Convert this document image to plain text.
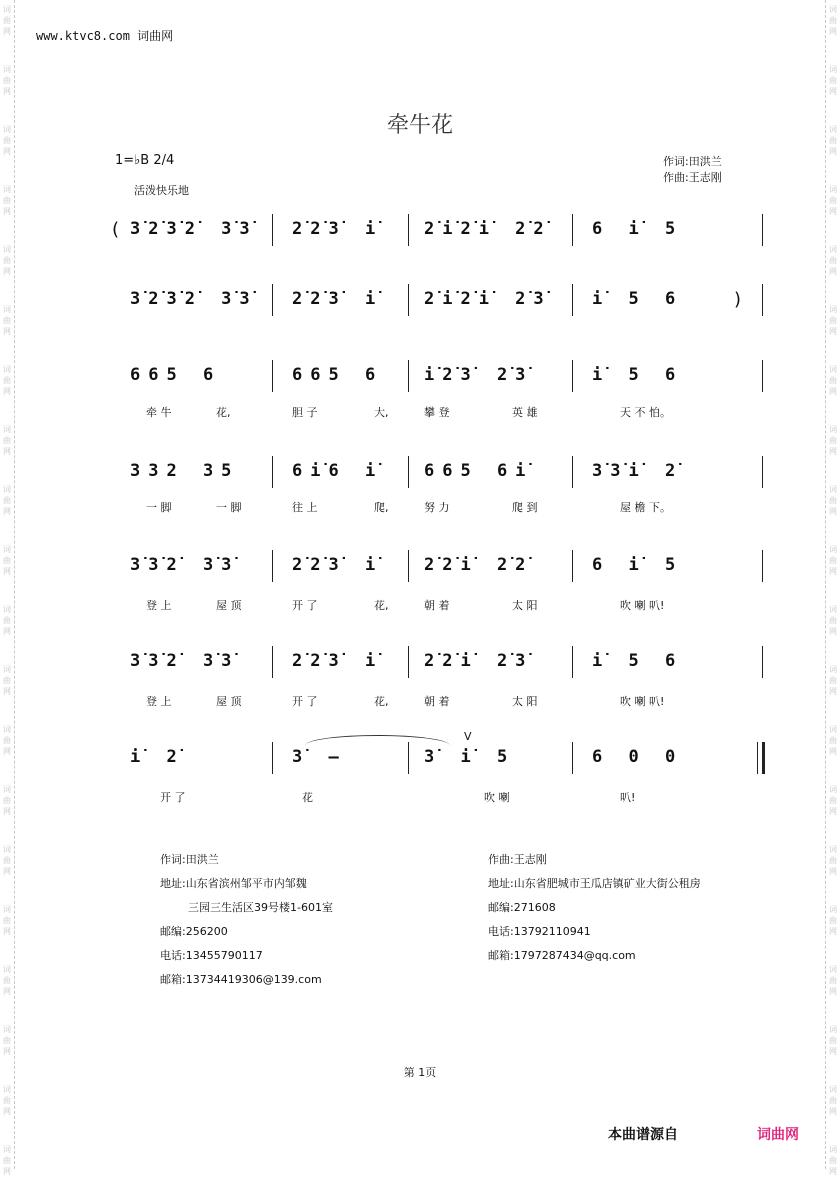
词
曲
网
词
曲
网
词
曲
网
词
曲
网
词
曲
网
词
曲
网
词
曲
网
词
曲
网
词
曲
网
词
曲
网
词
曲
网
词
曲
网
词
曲
网
词
曲
网
词
曲
网
词
曲
网
词
曲
网
词
曲
网
词
曲
网
词
曲
网
词
曲
网
词
曲
网
词
曲
网
词
曲
网
词
曲
网
词
曲
网
词
曲
网
词
曲
网
词
曲
网
词
曲
网
词
曲
网
词
曲
网
词
曲
网
词
曲
网
词
曲
网
词
曲
网
词
曲
网
词
曲
网
词
曲
网
词
曲
网
www.ktvc8.com 词曲网
牵牛花
1=♭B 2/4
活泼快乐地
作词:田洪兰
作曲:王志刚
( 3̇2̇3̇2̇ 3̇3̇ 2̇2̇3̇ i̇ 2̇i̇2̇i̇ 2̇2̇ 6 i̇ 5
3̇2̇3̇2̇ 3̇3̇ 2̇2̇3̇ i̇ 2̇i̇2̇i̇ 2̇3̇ i̇ 5 6	)
665 6	665 6 i̇2̇3̇ 2̇3̇	i̇ 5 6
牵 牛	花,	胆 子	大,	攀 登	英 雄	天 不 怕。
332 35	6i̇6 i̇ 665 6i̇	3̇3̇i̇ 2̇
一 脚	一 脚	往 上	爬,	努 力	爬 到	屋 檐 下。
3̇3̇2̇ 3̇3̇	2̇2̇3̇ i̇ 2̇2̇i̇ 2̇2̇	6 i̇ 5
登 上	屋 顶	开 了	花,	朝 着	太 阳	吹 喇 叭!
3̇3̇2̇ 3̇3̇	2̇2̇3̇ i̇ 2̇2̇i̇ 2̇3̇	i̇ 5 6
登 上	屋 顶	开 了	花,	朝 着	太 阳	吹 喇 叭!
i̇ 2̇	3̇ –	3̇ i̇ 5	6 0 0
开 了	花	吹 喇	叭!
V
作词:田洪兰
地址:山东省滨州邹平市内邹魏
三园三生活区39号楼1-601室
邮编:256200
电话:13455790117
邮箱:13734419306@139.com
作曲:王志刚
地址:山东省肥城市王瓜店镇矿业大街公租房
邮编:271608
电话:13792110941
邮箱:1797287434@qq.com
第 1页
本曲谱源自	词曲网
